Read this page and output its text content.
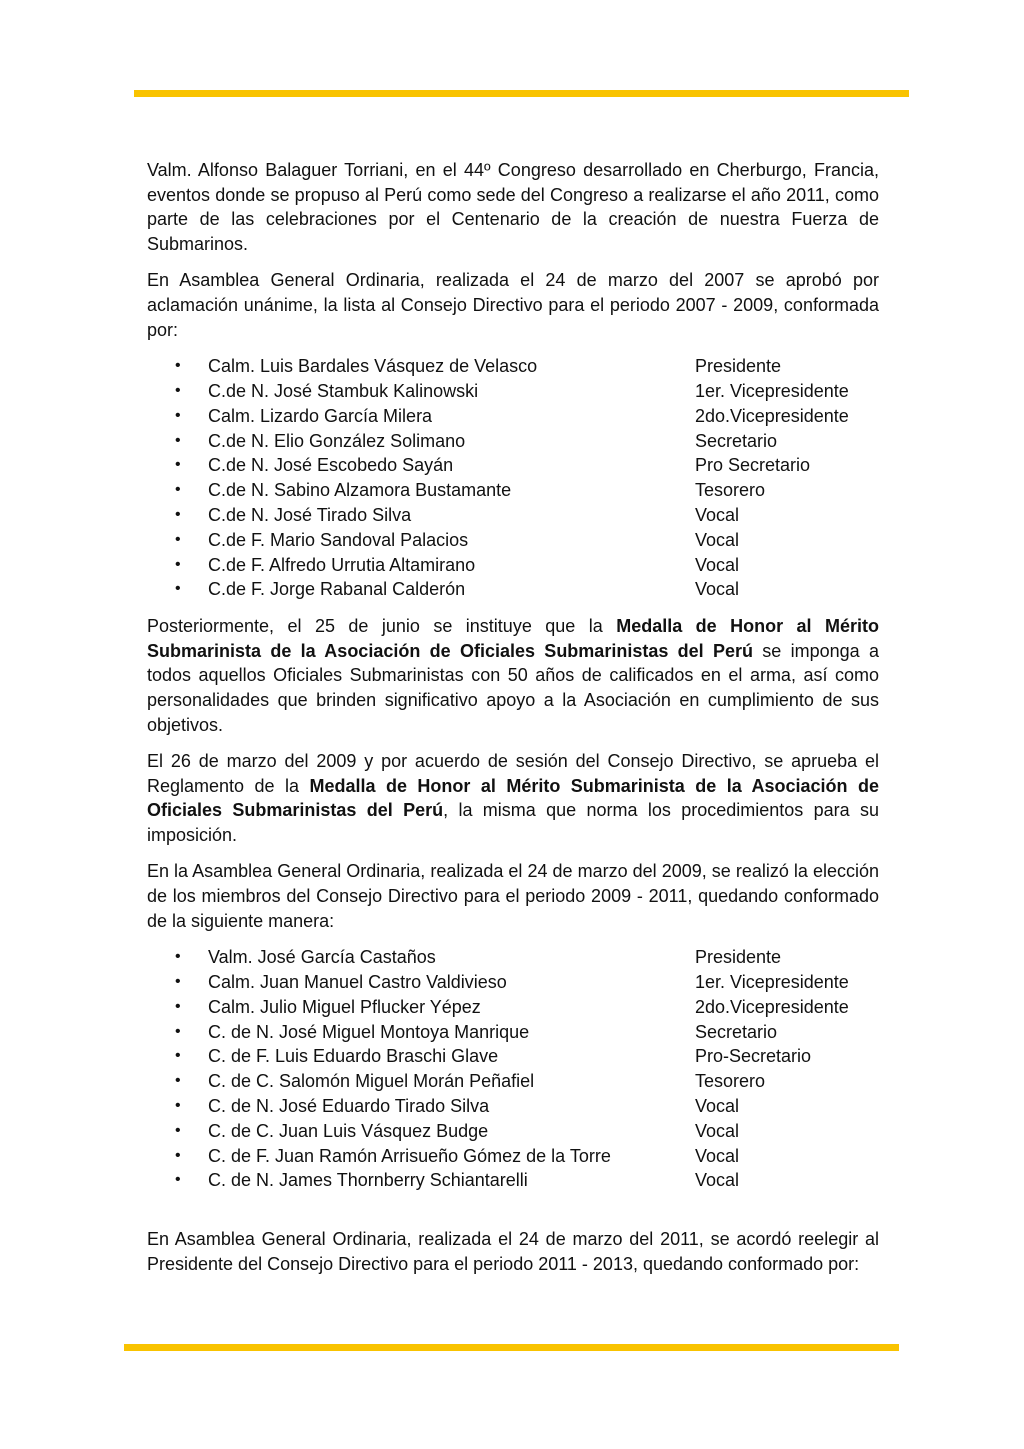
Valm. Alfonso Balaguer Torriani, en el 44º Congreso desarrollado en Cherburgo, Francia, eventos donde se propuso al Perú como sede del Congreso a realizarse el año 2011, como parte de las celebraciones por el Centenario de la creación de nuestra Fuerza de Submarinos.

En Asamblea General Ordinaria, realizada el 24 de marzo del 2007 se aprobó por aclamación unánime, la lista al Consejo Directivo para el periodo 2007 - 2009, conformada por:

•	Calm. Luis Bardales Vásquez de Velasco	Presidente
•	C.de N. José Stambuk Kalinowski	1er. Vicepresidente
•	Calm. Lizardo García Milera	2do.Vicepresidente
•	C.de N. Elio González Solimano	Secretario
•	C.de N. José Escobedo Sayán	Pro Secretario
•	C.de N. Sabino Alzamora Bustamante	Tesorero
•	C.de N. José Tirado Silva	Vocal
•	C.de F. Mario Sandoval Palacios	Vocal
•	C.de F. Alfredo Urrutia Altamirano	Vocal
•	C.de F. Jorge Rabanal Calderón	Vocal

Posteriormente, el 25 de junio se instituye que la Medalla de Honor al Mérito Submarinista de la Asociación de Oficiales Submarinistas del Perú se imponga a todos aquellos Oficiales Submarinistas con 50 años de calificados en el arma, así como personalidades que brinden significativo apoyo a la Asociación en cumplimiento de sus objetivos.

El 26 de marzo del 2009 y por acuerdo de sesión del Consejo Directivo, se aprueba el Reglamento de la Medalla de Honor al Mérito Submarinista de la Asociación de Oficiales Submarinistas del Perú, la misma que norma los procedimientos para su imposición.

En la Asamblea General Ordinaria, realizada el 24 de marzo del 2009, se realizó la elección de los miembros del Consejo Directivo para el periodo 2009 - 2011, quedando conformado de la siguiente manera:

•	Valm. José García Castaños	Presidente
•	Calm. Juan Manuel Castro Valdivieso	1er. Vicepresidente
•	Calm. Julio Miguel Pflucker Yépez	2do.Vicepresidente
•	C. de N. José Miguel Montoya Manrique	Secretario
•	C. de F. Luis Eduardo Braschi Glave	Pro-Secretario
•	C. de C. Salomón Miguel Morán Peñafiel	Tesorero
•	C. de N. José Eduardo Tirado Silva	Vocal
•	C. de C. Juan Luis Vásquez Budge	Vocal
•	C. de F. Juan Ramón Arrisueño Gómez de la Torre	Vocal
•	C. de N. James Thornberry Schiantarelli	Vocal

En Asamblea General Ordinaria, realizada el 24 de marzo del 2011, se acordó reelegir al Presidente del Consejo Directivo para el periodo 2011 - 2013, quedando conformado por:
